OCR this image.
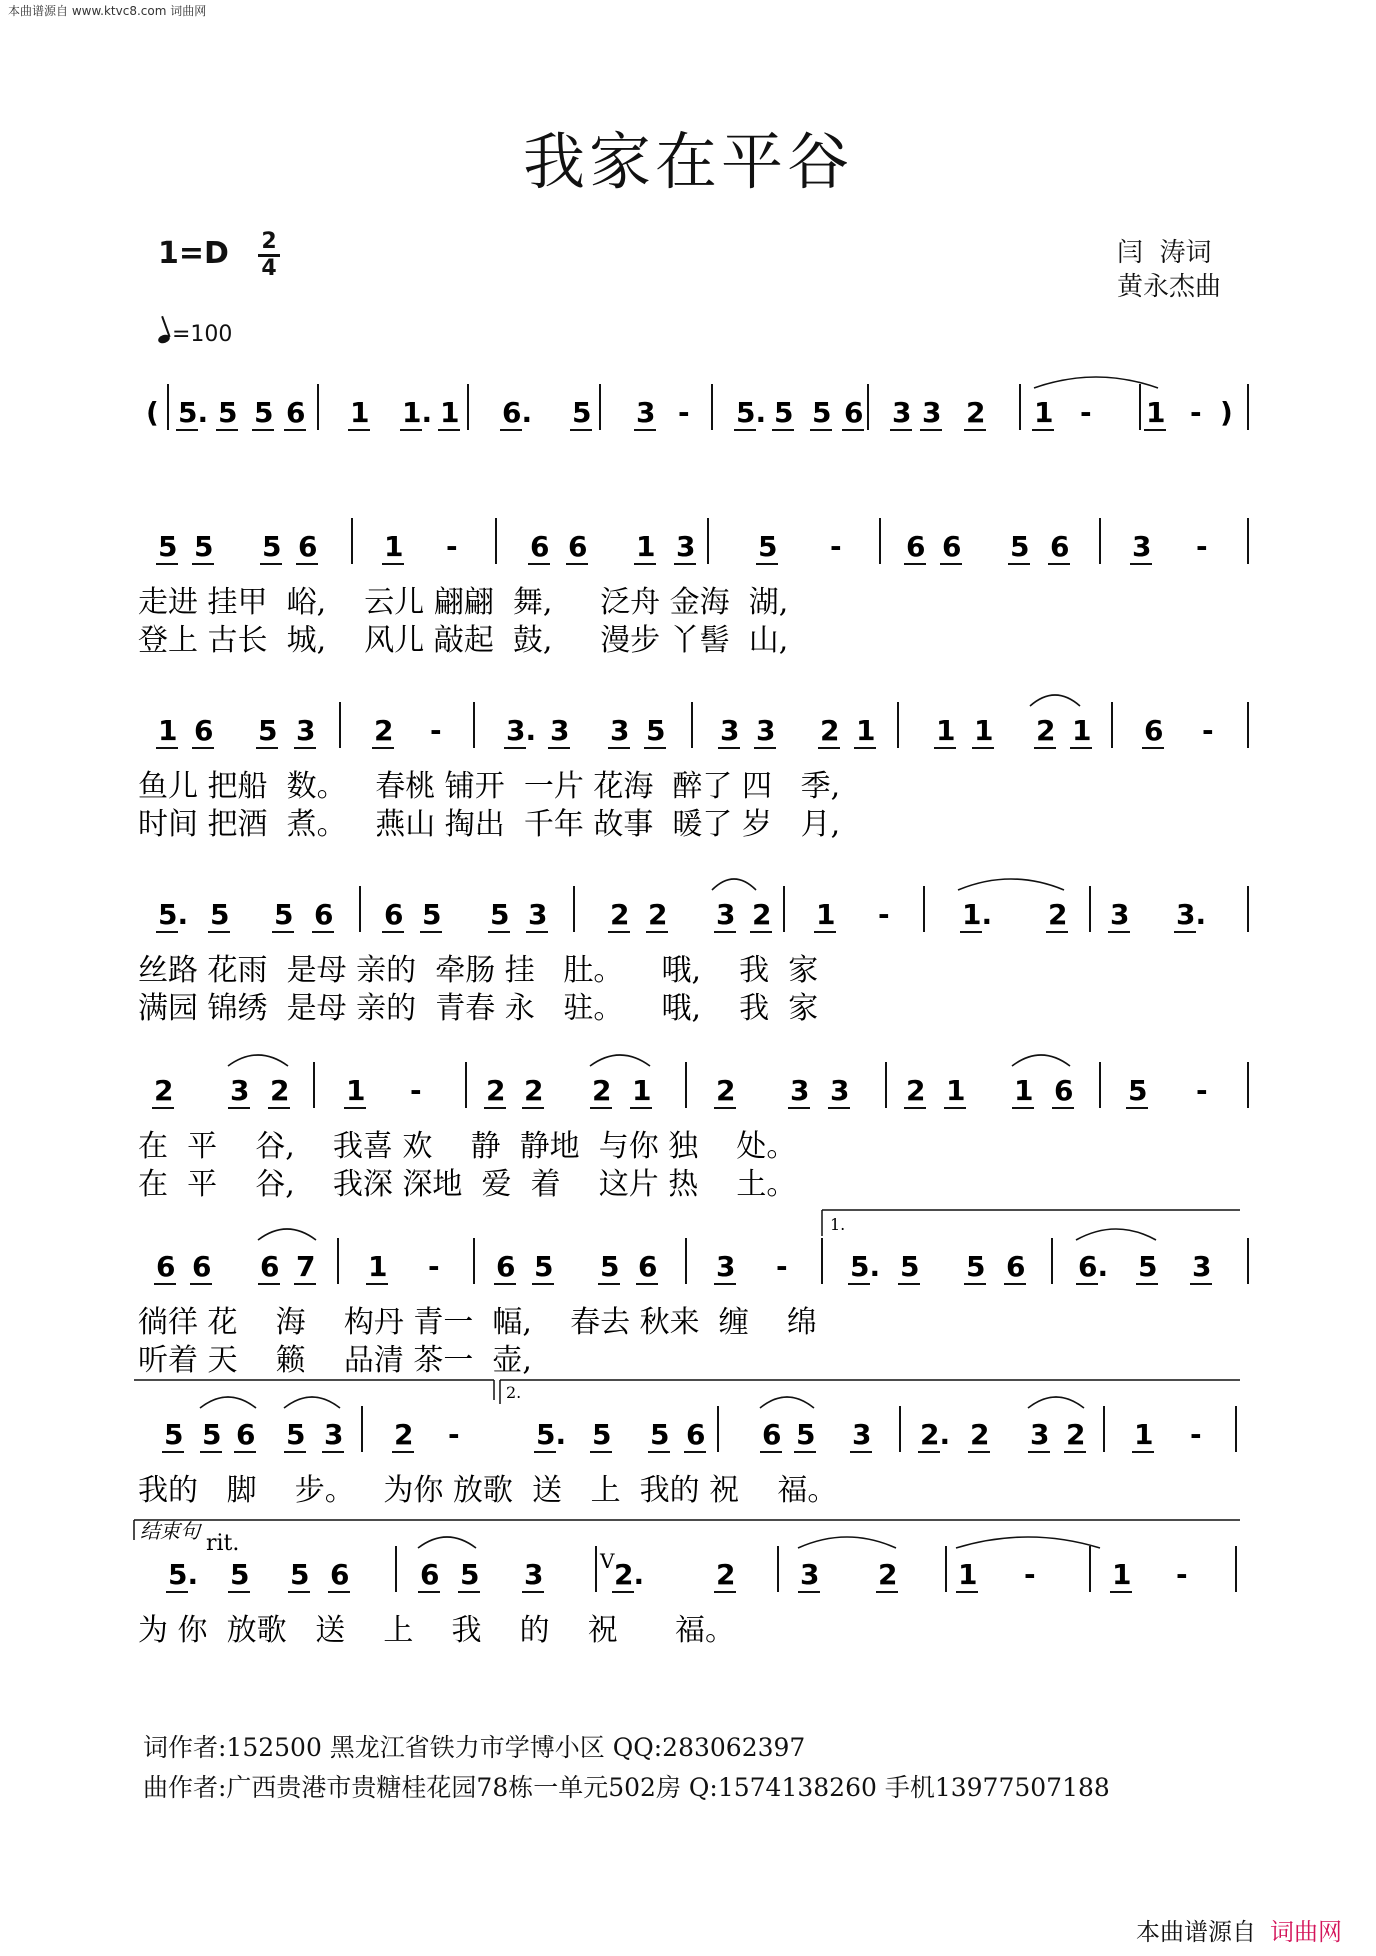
本曲谱源自 www.ktvc8.com 词曲网
我家在平谷
1=D 2
4
=100
闫  涛词
黄永杰曲
( 5. 5 5 6 1 1. 1 6. 5 3 - 5. 5 5 6 3 3 2 1 - 1 - )
5 5 5 6 1 -	6 6 1 3 5 - 6 6 5 6 3 -
走进 挂甲  峪,    云儿 翩翩  舞,     泛舟 金海  湖,
登上 古长  城,    风儿 敲起  鼓,     漫步 丫髻  山,
1 6 5 3 2 - 3. 3 3 5 3 3 2 1 1 1 2 1 6 -
鱼儿 把船  数。   春桃 铺开  一片 花海  醉了 四   季,
时间 把酒  煮。   燕山 掏出  千年 故事  暖了 岁   月,
5. 5 5 6 6 5 5 3 2 2 3 2 1 -	1. 2 3 3.
丝路 花雨  是母 亲的  牵肠 挂   肚。    哦,    我  家
满园 锦绣  是母 亲的  青春 永   驻。    哦,    我  家
2 3 2 1 - 2 2 2 1 2 3 3 2 1 1 6 5 -
在  平    谷,    我喜 欢    静  静地  与你 独    处。
在  平    谷,    我深 深地  爱  着    这片 热    土。
6 6 6 7 1 - 6 5 5 6 3 - 5. 5 5 6 6. 5 3
徜徉 花    海    构丹 青一  幅,    春去 秋来  缠    绵
听着 天    籁    品清 茶一  壶,
5 5 6 5 3 2 -	5. 5 5 6 6 5 3 2. 2 3 2 1 -
我的   脚    步。   为你 放歌  送   上  我的 祝    福。
5. 5 5 6	6 5 3	2.	2 3 2 1 -	1 -
为 你  放歌   送    上    我    的    祝      福。
1.
2.
结束句 rit.
V
词作者:152500 黑龙江省铁力市学博小区 QQ:283062397
曲作者:广西贵港市贵糖桂花园78栋一单元502房 Q:1574138260 手机13977507188
本曲谱源自 词曲网
